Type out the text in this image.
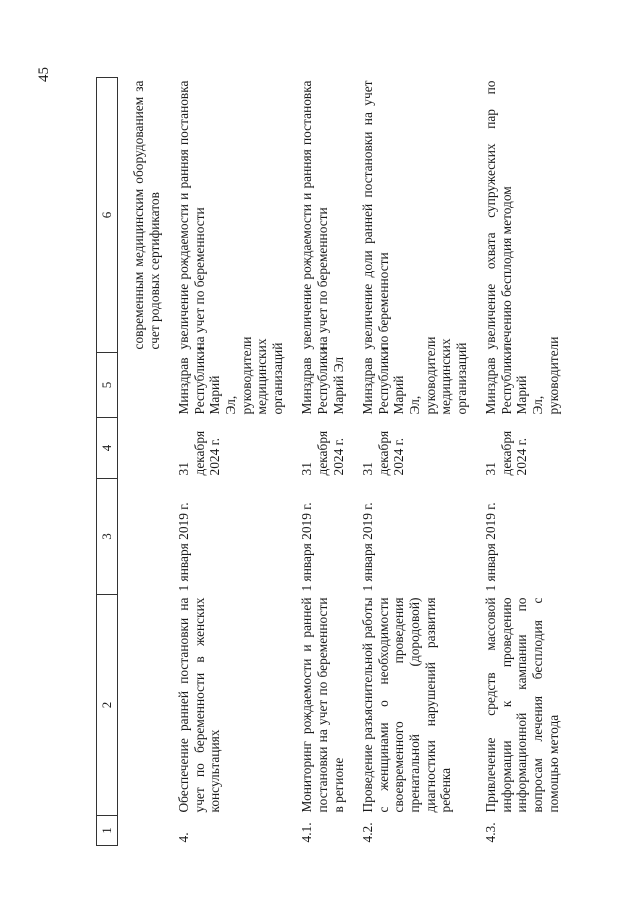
45
1	2	3	4	5	6
					современным медицинским оборудованием за счет родовых сертификатов
4.	Обеспечение ранней постановки на учет по беременности в женских консультациях	1 января 2019 г.	31 декабря 2024 г.	Минздрав Республики Марий Эл, руководители медицинских организаций	увеличение рождаемости и ранняя постановка на учет по беременности
4.1.	Мониторинг рождаемости и ранней постановки на учет по беременности в регионе	1 января 2019 г.	31 декабря 2024 г.	Минздрав Республики Марий Эл	увеличение рождаемости и ранняя постановка на учет по беременности
4.2.	Проведение разъяснительной работы с женщинами о необходимости своевременного проведения пренатальной (дородовой) диагностики нарушений развития ребенка	1 января 2019 г.	31 декабря 2024 г.	Минздрав Республики Марий Эл, руководители медицинских организаций	увеличение доли ранней постановки на учет по беременности
4.3.	Привлечение средств массовой информации к проведению информационной кампании по вопросам лечения бесплодия с помощью метода	1 января 2019 г.	31 декабря 2024 г.	Минздрав Республики Марий Эл, руководители	увеличение охвата супружеских пар по лечению бесплодия методом
